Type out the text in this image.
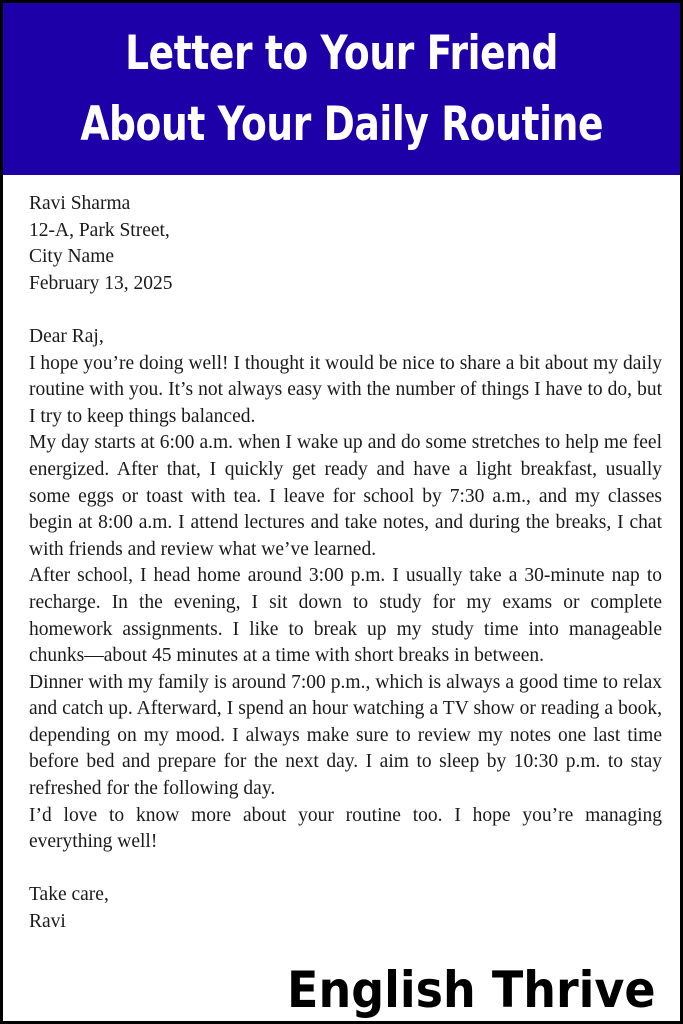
Letter to Your Friend
About Your Daily Routine
Ravi Sharma
12-A, Park Street,
City Name
February 13, 2025
Dear Raj,

I hope you’re doing well! I thought it would be nice to share a bit about my daily routine with you. It’s not always easy with the number of things I have to do, but I try to keep things balanced.

My day starts at 6:00 a.m. when I wake up and do some stretches to help me feel energized. After that, I quickly get ready and have a light breakfast, usually some eggs or toast with tea. I leave for school by 7:30 a.m., and my classes begin at 8:00 a.m. I attend lectures and take notes, and during the breaks, I chat with friends and review what we’ve learned.

After school, I head home around 3:00 p.m. I usually take a 30-minute nap to recharge. In the evening, I sit down to study for my exams or complete homework assignments. I like to break up my study time into manageable chunks—about 45 minutes at a time with short breaks in between.

Dinner with my family is around 7:00 p.m., which is always a good time to relax and catch up. Afterward, I spend an hour watching a TV show or reading a book, depending on my mood. I always make sure to review my notes one last time before bed and prepare for the next day. I aim to sleep by 10:30 p.m. to stay refreshed for the following day.

I’d love to know more about your routine too. I hope you’re managing everything well!

Take care,
Ravi
English Thrive
